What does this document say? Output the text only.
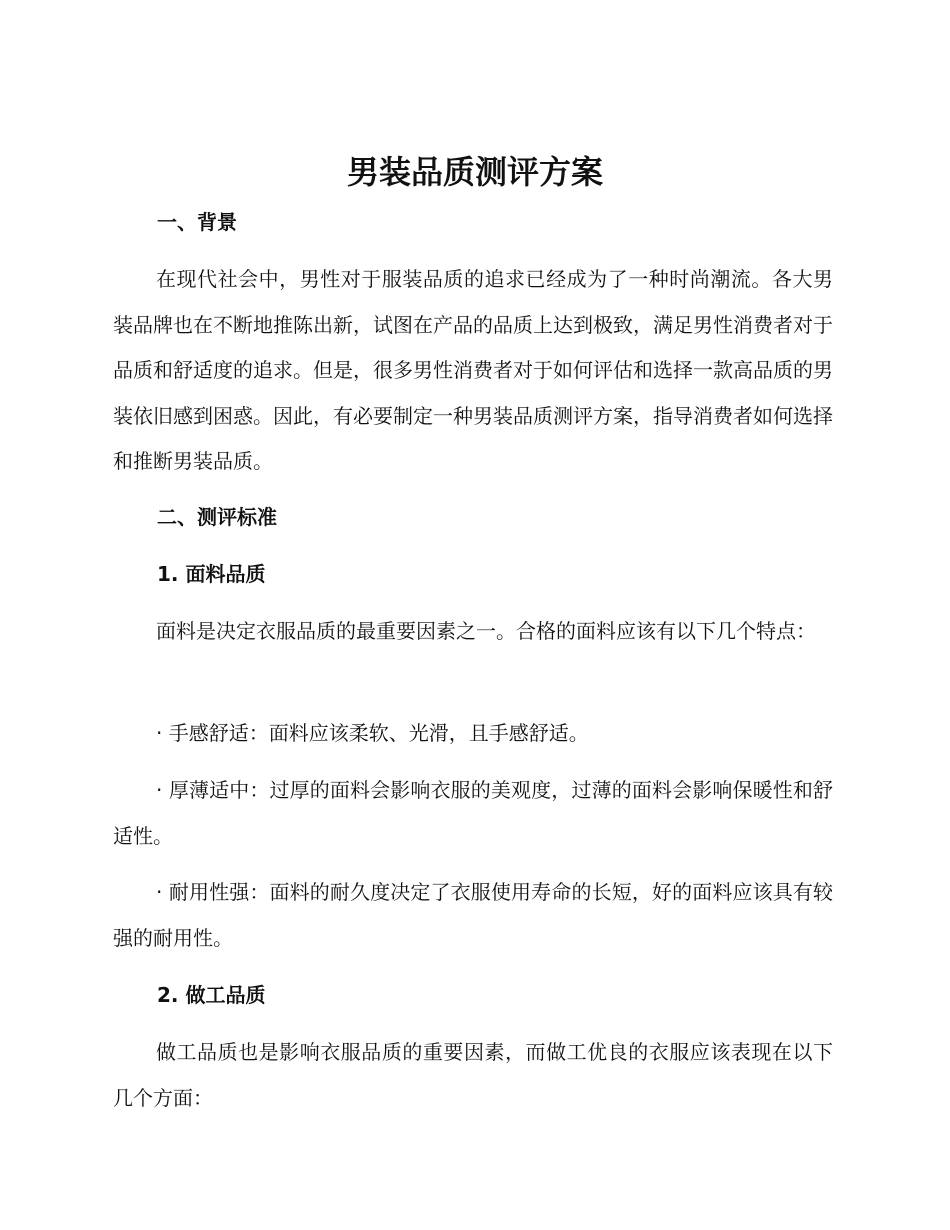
男装品质测评方案
一、背景
在现代社会中，男性对于服装品质的追求已经成为了一种时尚潮流。各大男装品牌也在不断地推陈出新，试图在产品的品质上达到极致，满足男性消费者对于品质和舒适度的追求。但是，很多男性消费者对于如何评估和选择一款高品质的男装依旧感到困惑。因此，有必要制定一种男装品质测评方案，指导消费者如何选择和推断男装品质。
二、测评标准
1. 面料品质
面料是决定衣服品质的最重要因素之一。合格的面料应该有以下几个特点：
· 手感舒适：面料应该柔软、光滑，且手感舒适。
· 厚薄适中：过厚的面料会影响衣服的美观度，过薄的面料会影响保暖性和舒适性。
· 耐用性强：面料的耐久度决定了衣服使用寿命的长短，好的面料应该具有较强的耐用性。
2. 做工品质
做工品质也是影响衣服品质的重要因素，而做工优良的衣服应该表现在以下几个方面：
